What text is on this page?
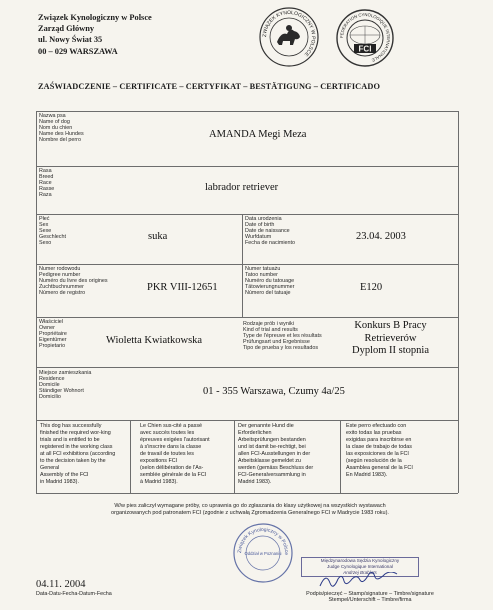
Związek Kynologiczny w Polsce
Zarząd Główny
ul. Nowy Świat 35
00 – 029 WARSZAWA
ZWIĄZEK KYNOLOGICZNY W POLSCE
FEDERATION CYNOLOGIQUE INTERNATIONALE
FCI
ZAŚWIADCZENIE – CERTIFICATE – CERTYFIKAT – BESTÄTIGUNG – CERTIFICADO
Nazwa psa
Name of dog
Nom du chien
Name des Hundes
Nombre del perro
AMANDA Megi Meza
Rasa
Breed
Race
Rasse
Raza
labrador retriever
Płeć
Sex
Sexe
Geschlecht
Sexo
suka
Data urodzenia
Date of birth
Date de naissance
Wurfdatum
Fecha de nacimiento
23.04. 2003
Numer rodowodu
Pedigree number
Numéro du livre des origines
Zuchtbuchnummer
Número de registro
PKR VIII-12651
Numer tatuażu
Tatoo number
Numéro du tatouage
Tätowierungnummer
Número del tatuaje
E120
Właściciel
Owner
Propriétaire
Eigentümer
Propietario
Wioletta Kwiatkowska
Rodzaje prób i wyniki
Kind of trial and results
Type de l'épreuve et les résultats
Prüfungsart und Ergebnisse
Tipo de prueba y los resultados
Konkurs B Pracy
Retrieverów
Dyplom II stopnia
Miejsce zamieszkania
Residence
Domicile
Ständiger Wohnort
Domicilio
01 - 355 Warszawa, Czumy 4a/25
This dog has successfully
finished the required wor-king
trials and is entitled to be
registered in the working class
at all FCI exhibitions (according
to the decision taken by the
General
Assembly of the FCI
in Madrid 1983).
Le Chien sus-cité a passé
avec succès toutes les
épreuves exigées l'autorisant
à s'inscrire dans la classe
de travail de toutes les
expositions FCI
(selon délibération de l'As-
semblée générale de la FCI
à Madrid 1983).
Der genannte Hund die
Erforderlichen
Arbeitsprüfungen bestanden
und ist damit be-rechtigt, bei
allen FCI-Ausstellungen in der
Arbeitsklasse gemeldet zu
werden (gemäss Beschluss der
FCI-Generalversammlung in
Madrid 1983).
Este perro efectuado con
exito todas las pruebas
exigidas para inscribirse en
la clase de trabajo de todas
las exposiciones de la FCI
(según resolución de la
Asamblea general de la FCI
En Madrid 1983).
W/w pies zaliczył wymagane próby, co uprawnia go do zgłaszania do klasy użytkowej na wszystkich wystawach
organizowanych pod patronatem FCI (zgodnie z uchwałą Zgromadzenia Generalnego FCI w Madrycie 1983 roku).
Związek Kynologiczny w Polsce
Oddział w Poznaniu
Międzynarodowa Sędzia Kynologiczny
Judge Cynologique International
Andrzej Brablets
04.11. 2004
Data-Datu-Fecha-Datum-Fecha	Podpis/pieczęć – Stamp/signature – Timbre/signature
Stempel/Unterschift – Timbre/firma
